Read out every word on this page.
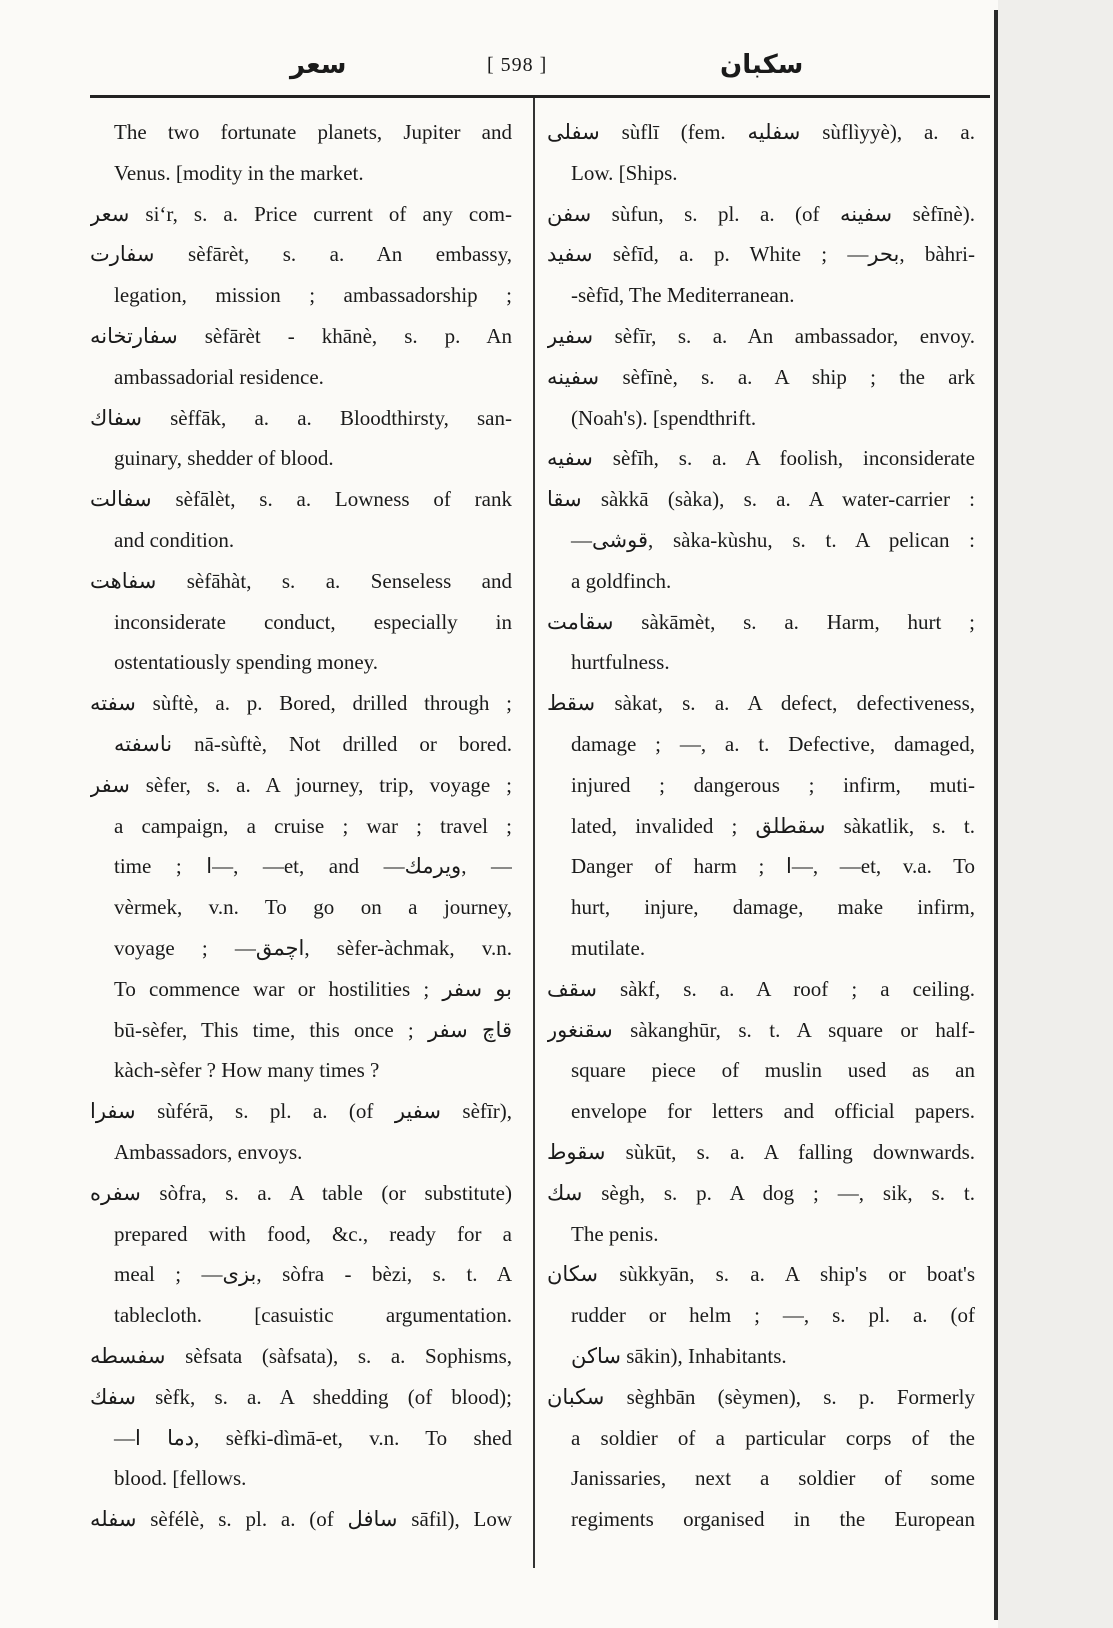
سعر	[ 598 ]	سکبان
The two fortunate planets, Jupiter and
Venus. [modity in the market.
سعر si‘r, s. a. Price current of any com-
سفارت sèfārèt, s. a. An embassy,
legation, mission ; ambassadorship ;
سفارتخانه sèfārèt - khānè, s. p. An
ambassadorial residence.
سفاك sèffāk, a. a. Bloodthirsty, san-
guinary, shedder of blood.
سفالت sèfālèt, s. a. Lowness of rank
and condition.
سفاهت sèfāhàt, s. a. Senseless and
inconsiderate conduct, especially in
ostentatiously spending money.
سفته sùftè, a. p. Bored, drilled through ;
ناسفته nā-sùftè, Not drilled or bored.
سفر sèfer, s. a. A journey, trip, voyage ;
a campaign, a cruise ; war ; travel ;
time ; ا—, —et, and —ويرمك, —
vèrmek, v.n. To go on a journey,
voyage ; —اچمق, sèfer-àchmak, v.n.
To commence war or hostilities ; بو سفر
bū-sèfer, This time, this once ; قاچ سفر
kàch-sèfer ? How many times ?
سفرا sùférā, s. pl. a. (of سفير sèfīr),
Ambassadors, envoys.
سفره sòfra, s. a. A table (or substitute)
prepared with food, &c., ready for a
meal ; —بزى, sòfra - bèzi, s. t. A
tablecloth. [casuistic argumentation.
سفسطه sèfsata (sàfsata), s. a. Sophisms,
سفك sèfk, s. a. A shedding (of blood);
—دما ا, sèfki-dìmā-et, v.n. To shed
blood. [fellows.
سفله sèfélè, s. pl. a. (of سافل sāfil), Low
سفلى sùflī (fem. سفليه sùflìyyè), a. a.
Low. [Ships.
سفن sùfun, s. pl. a. (of سفينه sèfīnè).
سفيد sèfīd, a. p. White ; —بحر, bàhri-
-sèfīd, The Mediterranean.
سفير sèfīr, s. a. An ambassador, envoy.
سفينه sèfīnè, s. a. A ship ; the ark
(Noah's). [spendthrift.
سفيه sèfīh, s. a. A foolish, inconsiderate
سقا sàkkā (sàka), s. a. A water-carrier :
—قوشى, sàka-kùshu, s. t. A pelican :
a goldfinch.
سقامت sàkāmèt, s. a. Harm, hurt ;
hurtfulness.
سقط sàkat, s. a. A defect, defectiveness,
damage ; —, a. t. Defective, damaged,
injured ; dangerous ; infirm, muti-
lated, invalided ; سقطلق sàkatlik, s. t.
Danger of harm ; ا—, —et, v.a. To
hurt, injure, damage, make infirm,
mutilate.
سقف sàkf, s. a. A roof ; a ceiling.
سقنغور sàkanghūr, s. t. A square or half-
square piece of muslin used as an
envelope for letters and official papers.
سقوط sùkūt, s. a. A falling downwards.
سك sègh, s. p. A dog ; —, sik, s. t.
The penis.
سکان sùkkyān, s. a. A ship's or boat's
rudder or helm ; —, s. pl. a. (of
ساکن sākin), Inhabitants.
سکبان sèghbān (sèymen), s. p. Formerly
a soldier of a particular corps of the
Janissaries, next a soldier of some
regiments organised in the European
